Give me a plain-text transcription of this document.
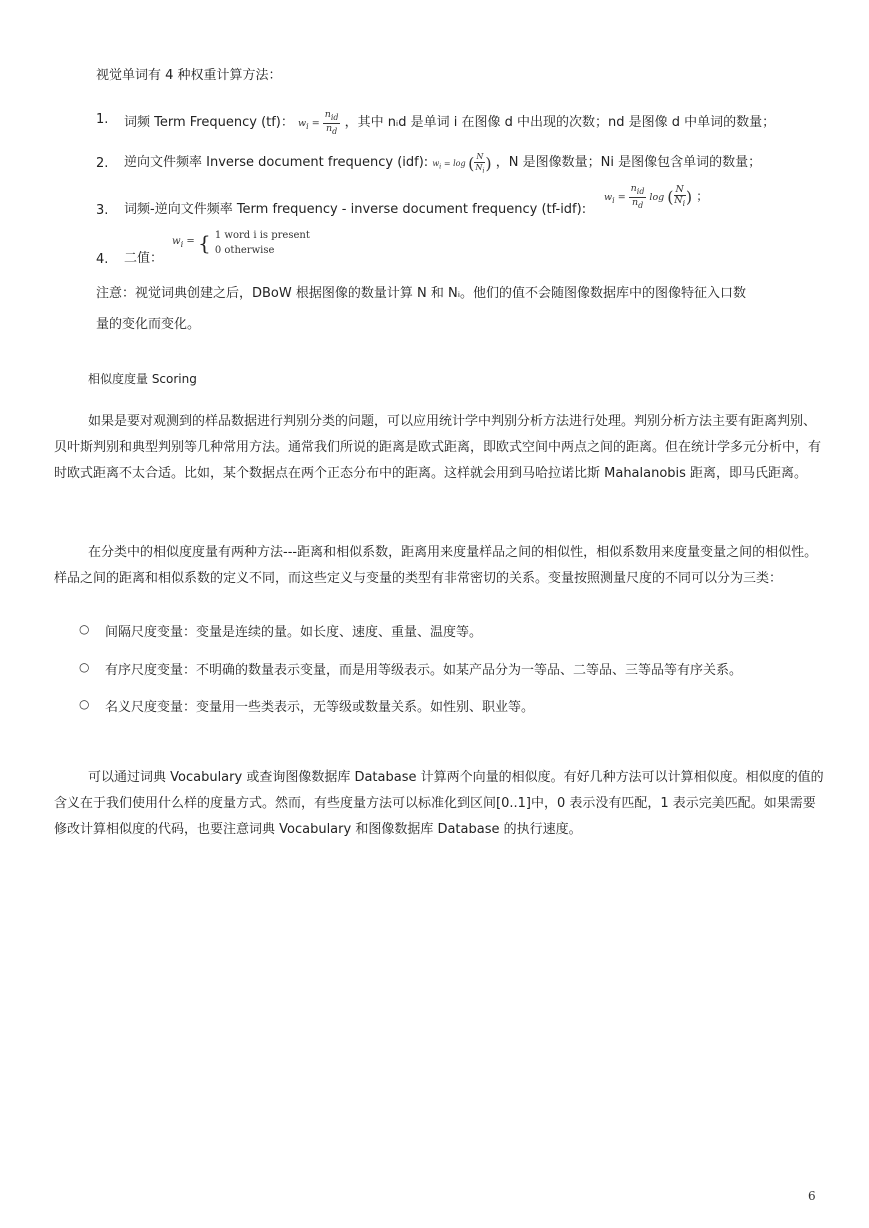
视觉单词有 4 种权重计算方法：
1. 词频 Term Frequency (tf)： $w_i = \frac{n_{id}}{n_d}$ ，其中 nᵢd 是单词 i 在图像 d 中出现的次数；nd 是图像 d 中单词的数量；
2. 逆向文件频率 Inverse document frequency (idf): $w_i = \log$ ( $\frac{N}{N_i}$ ) ，N 是图像数量；Ni 是图像包含单词的数量；
3. 词频-逆向文件频率 Term frequency - inverse document frequency (tf-idf):
$w_i = \frac{n_{id}}{n_d}$ log ( $\frac{N}{N_i}$ ) ；
4. 二值：
$w_i$ = { 1 word i is present
0 otherwise
注意：视觉词典创建之后，DBoW 根据图像的数量计算 N 和 Nᵢ。他们的值不会随图像数据库中的图像特征入口数
量的变化而变化。
相似度度量 Scoring
如果是要对观测到的样品数据进行判别分类的问题，可以应用统计学中判别分析方法进行处理。判别分析方法主要有距离判别、贝叶斯判别和典型判别等几种常用方法。通常我们所说的距离是欧式距离，即欧式空间中两点之间的距离。但在统计学多元分析中，有时欧式距离不太合适。比如，某个数据点在两个正态分布中的距离。这样就会用到马哈拉诺比斯 Mahalanobis 距离，即马氏距离。
在分类中的相似度度量有两种方法---距离和相似系数，距离用来度量样品之间的相似性，相似系数用来度量变量之间的相似性。样品之间的距离和相似系数的定义不同，而这些定义与变量的类型有非常密切的关系。变量按照测量尺度的不同可以分为三类：
○ 间隔尺度变量：变量是连续的量。如长度、速度、重量、温度等。
○ 有序尺度变量：不明确的数量表示变量，而是用等级表示。如某产品分为一等品、二等品、三等品等有序关系。
○ 名义尺度变量：变量用一些类表示，无等级或数量关系。如性别、职业等。
可以通过词典 Vocabulary 或查询图像数据库 Database 计算两个向量的相似度。有好几种方法可以计算相似度。相似度的值的含义在于我们使用什么样的度量方式。然而，有些度量方法可以标准化到区间[0..1]中，0 表示没有匹配，1 表示完美匹配。如果需要修改计算相似度的代码，也要注意词典 Vocabulary 和图像数据库 Database 的执行速度。
6
